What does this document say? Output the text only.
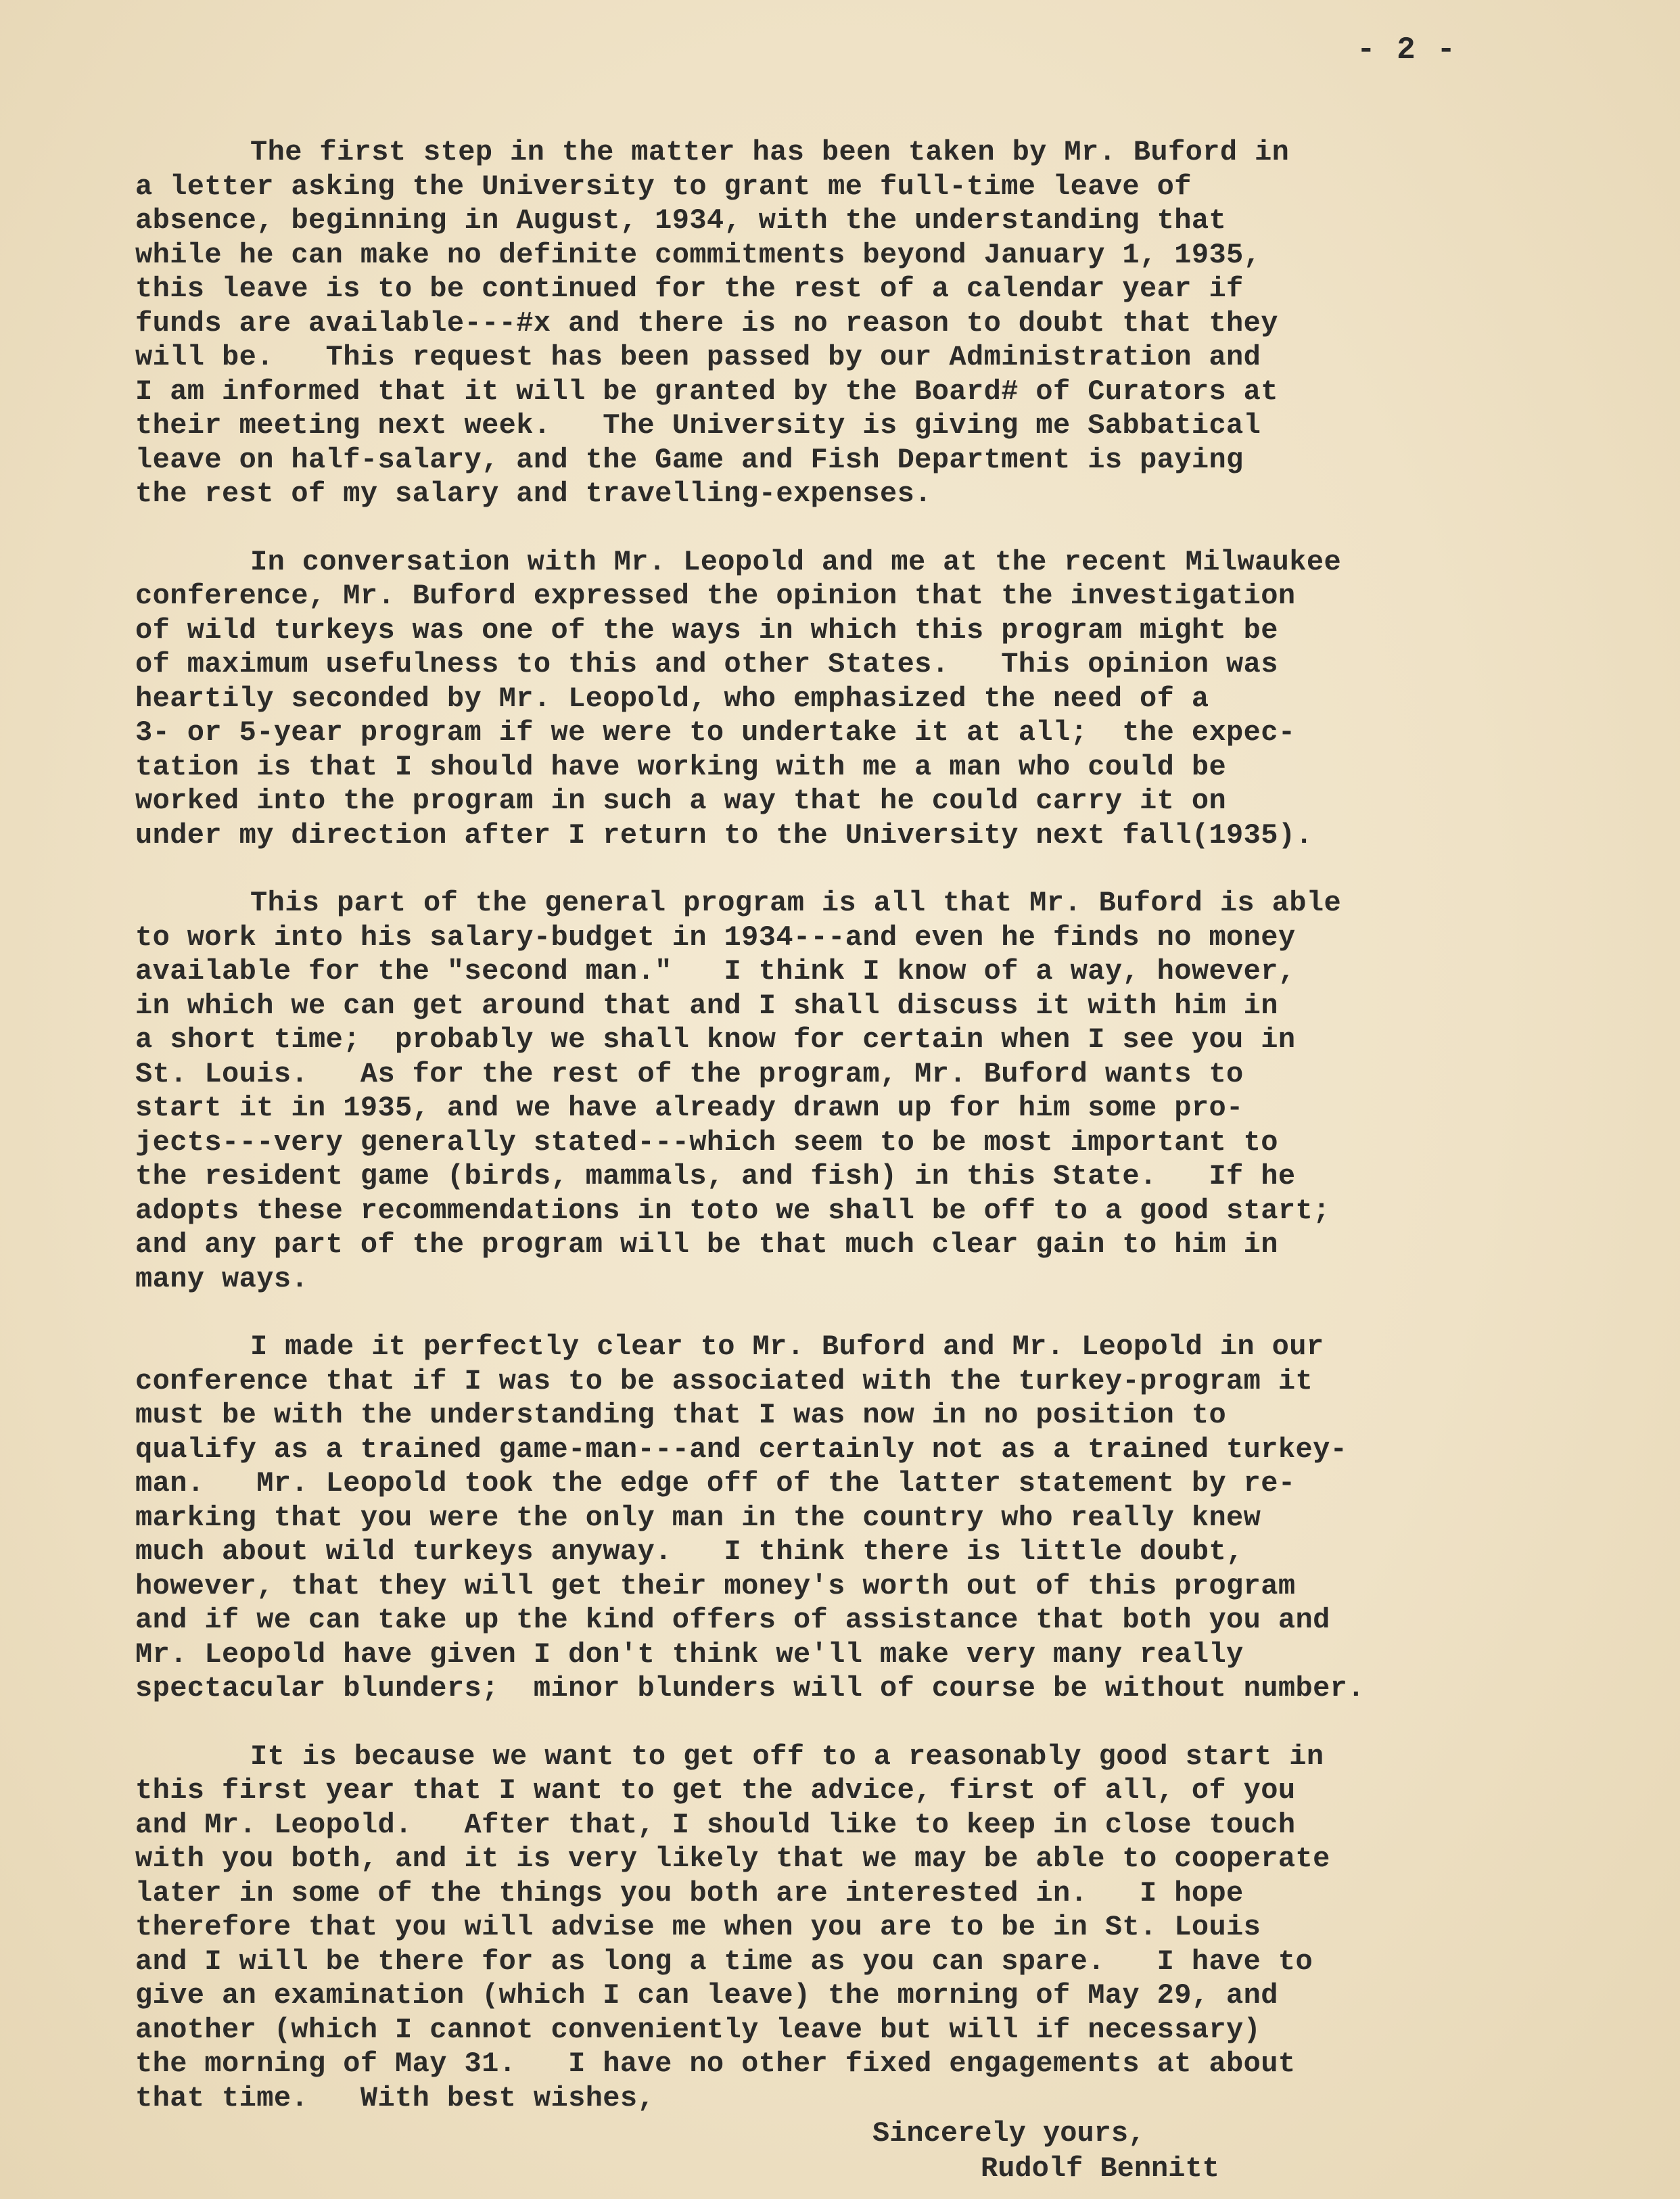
- 2 -
The first step in the matter has been taken by Mr. Buford in
a letter asking the University to grant me full-time leave of
absence, beginning in August, 1934, with the understanding that
while he can make no definite commitments beyond January 1, 1935,
this leave is to be continued for the rest of a calendar year if
funds are available---#x and there is no reason to doubt that they
will be.   This request has been passed by our Administration and
I am informed that it will be granted by the Board# of Curators at
their meeting next week.   The University is giving me Sabbatical
leave on half-salary, and the Game and Fish Department is paying
the rest of my salary and travelling-expenses.
In conversation with Mr. Leopold and me at the recent Milwaukee
conference, Mr. Buford expressed the opinion that the investigation
of wild turkeys was one of the ways in which this program might be
of maximum usefulness to this and other States.   This opinion was
heartily seconded by Mr. Leopold, who emphasized the need of a
3- or 5-year program if we were to undertake it at all;  the expec-
tation is that I should have working with me a man who could be
worked into the program in such a way that he could carry it on
under my direction after I return to the University next fall(1935).
This part of the general program is all that Mr. Buford is able
to work into his salary-budget in 1934---and even he finds no money
available for the "second man."   I think I know of a way, however,
in which we can get around that and I shall discuss it with him in
a short time;  probably we shall know for certain when I see you in
St. Louis.   As for the rest of the program, Mr. Buford wants to
start it in 1935, and we have already drawn up for him some pro-
jects---very generally stated---which seem to be most important to
the resident game (birds, mammals, and fish) in this State.   If he
adopts these recommendations in toto we shall be off to a good start;
and any part of the program will be that much clear gain to him in
many ways.
I made it perfectly clear to Mr. Buford and Mr. Leopold in our
conference that if I was to be associated with the turkey-program it
must be with the understanding that I was now in no position to
qualify as a trained game-man---and certainly not as a trained turkey-
man.   Mr. Leopold took the edge off of the latter statement by re-
marking that you were the only man in the country who really knew
much about wild turkeys anyway.   I think there is little doubt,
however, that they will get their money's worth out of this program
and if we can take up the kind offers of assistance that both you and
Mr. Leopold have given I don't think we'll make very many really
spectacular blunders;  minor blunders will of course be without number.
It is because we want to get off to a reasonably good start in
this first year that I want to get the advice, first of all, of you
and Mr. Leopold.   After that, I should like to keep in close touch
with you both, and it is very likely that we may be able to cooperate
later in some of the things you both are interested in.   I hope
therefore that you will advise me when you are to be in St. Louis
and I will be there for as long a time as you can spare.   I have to
give an examination (which I can leave) the morning of May 29, and
another (which I cannot conveniently leave but will if necessary)
the morning of May 31.   I have no other fixed engagements at about
that time.   With best wishes,
Sincerely yours,
Rudolf Bennitt
